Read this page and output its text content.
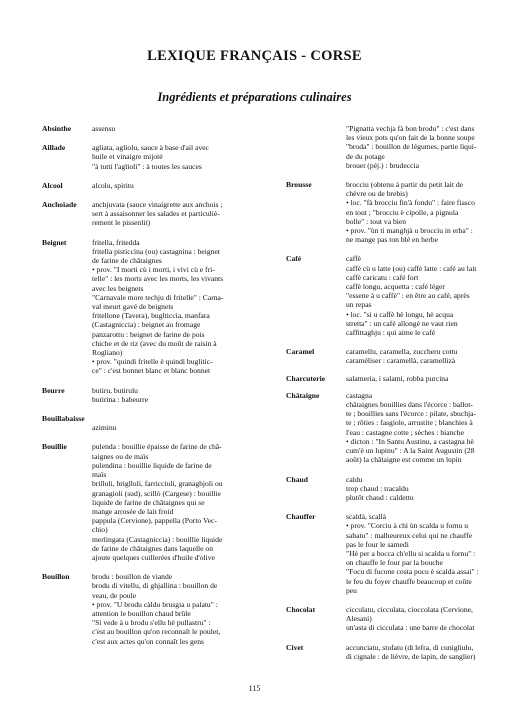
LEXIQUE FRANÇAIS - CORSE
Ingrédients et préparations culinaires
Absinthe	assensu
Aillade	agliata, agliolu, sauce à base d'ail avec
huile et vinaigre mijoté
"à tutti l'aglioli" : à toutes les sauces
Alcool	alcolu, spiritu
Anchoïade	anchjuvata (sauce vinaigrette aux anchois ;
sert à assaisonner les salades et particuliè-
rement le pissenlit)
Beignet	fritella, fritedda
fritella pisticcina (ou) castagnina : beignet
de farine de châtaignes
• prov. "I morti cù i morti, i vivi cù e fri-
telle" : les morts avec les morts, les vivants
avec les beignets
"Carnavale more techju di fritelle" : Carna-
val meurt gavé de beignets
fritellone (Tavera), buglticcia, manfara
(Castagniccia) : beignet au fromage
panzarottu : beignet de farine de pois
chiche et de riz (avec du moût de raisin à
Rogliano)
• prov. "quindi fritelle è quindi buglitic-
ce" : c'est bonnet blanc et blanc bonnet
Beurre	butiru, butirulu
butirina : babeurre
Bouillabaisse
aziminu
Bouillie	pulenda : bouillie épaisse de farine de châ-
taignes ou de maïs
pulendina : bouillie liquide de farine de
maïs
brilluli, briglluli, farricciuli, granaghjoli ou
granagioli (sud), scillò (Cargese) : bouillie
liquide de farine de châtaignes qui se
mange arrosée de lait froid
pappula (Cervione), pappella (Porto Vec-
chio)
merlingata (Castagniccia) : bouillie liquide
de farine de châtaignes dans laquelle on
ajoute quelques cuillerées d'huile d'olive
Bouillon	brodu : bouillon de viande
brodu di vitellu, di ghjallina : bouillon de
veau, de poule
• prov. "U brodu càldu brusgia u palatu" :
attention le bouillon chaud brûle
"Si vede à u brodu s'ellu hè pullastru" :
c'est au bouillon qu'on reconnaît le poulet,
c'est aux actes qu'on connaît les gens
"Pignatta vechja fà bon brodu" : c'est dans
les vieux pots qu'on fait de la bonne soupe
"broda" : bouillon de légumes, partie liqui-
de du potage
brouet (péj.) : brudeccia
Brousse	brocciu (obtenu à partir du petit lait de
chèvre ou de brebis)
• loc. "fà brocciu fin'à fondu" : faire fiasco
en tout ; "brocciu è cipolle, a pignula
bolle" : tout va bien
• prov. "ùn ti manghjà u brocciu in erba" :
ne mange pas ton blé en herbe
Café	caffè
caffè cù u latte (ou) caffè latte : café au lait
caffè caricatu : café fort
caffè longu, acquetta : café léger
"essene à u caffè" : en être au café, après
un repas
• loc. "si u caffè hè longu, hè acqua
stretta" : un café allongé ne vaut rien
caffittaghju : qui aime le café
Caramel	caramellu, caramella, zuccheru cottu
caraméliser : caramellà, caramellizà
Charcuterie	salameria, i salami, robba purcina
Châtaigne	castagna
châtaignes bouillies dans l'écorce : ballot-
te ; bouillies sans l'écorce : pilate, sbuchja-
te ; rôties : fasgiole, arrustite ; blanchies à
l'eau : castagne cotte ; sèches : bianche
• dicton : "In Santu Austinu, a castagna hè
cum'è un lupinu" : A la Saint Augustin (28
août) la châtaigne est comme un lupin
Chaud	caldu
trop chaud : tracaldu
plutôt chaud : caldettu
Chauffer	scaldà, scallà
• prov. "Corciu à chì ùn scalda u fornu u
sabatu" : malheureux celui qui ne chauffe
pas le four le samedi
"Hè per a bocca ch'ellu si scalda u fornu" :
on chauffe le four par la bouche
"Focu di fucone costa pocu è scalda assai" :
le feu du foyer chauffe beaucoup et coûte peu
Chocolat	cicculatu, cicculata, cioccolata (Cervione,
Alesani)
un'asta di cicculata : une barre de chocolat
Civet	accunciatu, stufatu (di lefra, di cunigliulu,
di cignale : de lièvre, de lapin, de sanglier)
115
